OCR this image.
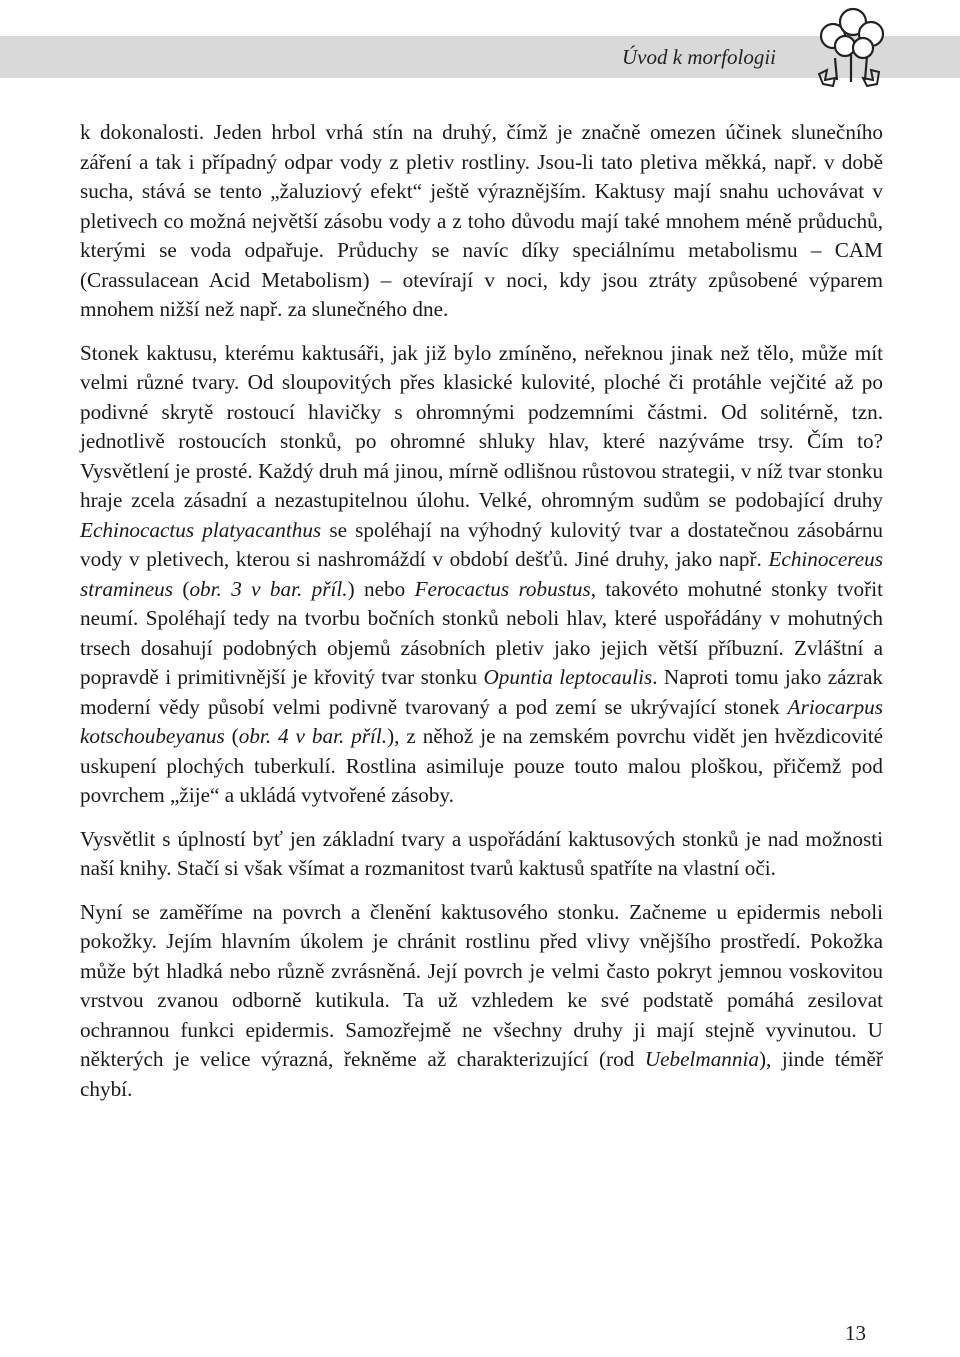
Úvod k morfologii

k dokonalosti. Jeden hrbol vrhá stín na druhý, čímž je značně omezen účinek slunečního záření a tak i případný odpar vody z pletiv rostliny. Jsou-li tato pletiva měkká, např. v době sucha, stává se tento „žaluziový efekt“ ještě výraznějším. Kaktusy mají snahu uchovávat v pletivech co možná největší zásobu vody a z toho důvodu mají také mnohem méně průduchů, kterými se voda odpařuje. Průduchy se navíc díky speciálnímu metabolismu – CAM (Crassulacean Acid Metabolism) – otevírají v noci, kdy jsou ztráty způsobené výparem mnohem nižší než např. za slunečného dne.

Stonek kaktusu, kterému kaktusáři, jak již bylo zmíněno, neřeknou jinak než tělo, může mít velmi různé tvary. Od sloupovitých přes klasické kulovité, ploché či protáhle vejčité až po podivné skrytě rostoucí hlavičky s ohromnými podzemními částmi. Od solitérně, tzn. jednotlivě rostoucích stonků, po ohromné shluky hlav, které nazýváme trsy. Čím to? Vysvětlení je prosté. Každý druh má jinou, mírně odlišnou růstovou strategii, v níž tvar stonku hraje zcela zásadní a nezastupitelnou úlohu. Velké, ohromným sudům se podobající druhy Echinocactus platyacanthus se spoléhají na výhodný kulovitý tvar a dostatečnou zásobárnu vody v pletivech, kterou si nashromáždí v období dešťů. Jiné druhy, jako např. Echinocereus stramineus (obr. 3 v bar. příl.) nebo Ferocactus robustus, takovéto mohutné stonky tvořit neumí. Spoléhají tedy na tvorbu bočních stonků neboli hlav, které uspořádány v mohutných trsech dosahují podobných objemů zásobních pletiv jako jejich větší příbuzní. Zvláštní a popravdě i primitivnější je křovitý tvar stonku Opuntia leptocaulis. Naproti tomu jako zázrak moderní vědy působí velmi podivně tvarovaný a pod zemí se ukrývající stonek Ariocarpus kotschoubeyanus (obr. 4 v bar. příl.), z něhož je na zemském povrchu vidět jen hvězdicovité uskupení plochých tuberkulí. Rostlina asimiluje pouze touto malou ploškou, přičemž pod povrchem „žije“ a ukládá vytvořené zásoby.

Vysvětlit s úplností byť jen základní tvary a uspořádání kaktusových stonků je nad možnosti naší knihy. Stačí si však všímat a rozmanitost tvarů kaktusů spatříte na vlastní oči.

Nyní se zaměříme na povrch a členění kaktusového stonku. Začneme u epidermis neboli pokožky. Jejím hlavním úkolem je chránit rostlinu před vlivy vnějšího prostředí. Pokožka může být hladká nebo různě zvrásněná. Její povrch je velmi často pokryt jemnou voskovitou vrstvou zvanou odborně kutikula. Ta už vzhledem ke své podstatě pomáhá zesilovat ochrannou funkci epidermis. Samozřejmě ne všechny druhy ji mají stejně vyvinutou. U některých je velice výrazná, řekněme až charakterizující (rod Uebelmannia), jinde téměř chybí.

13
